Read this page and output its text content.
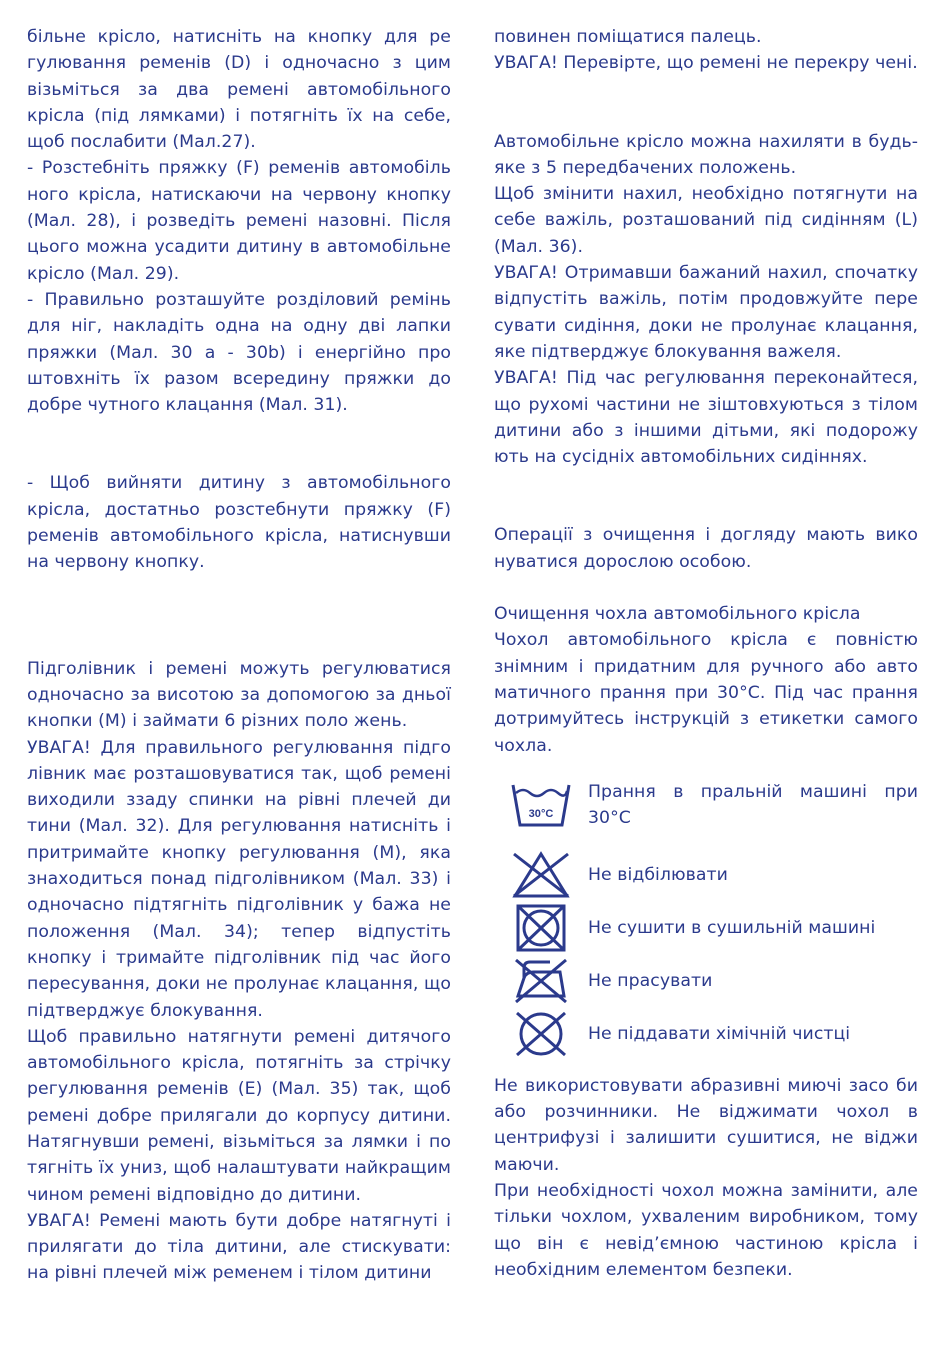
більне крісло, натисніть на кнопку для ре гулювання ременів (D) і одночасно з цим візьміться за два ремені автомобільного крісла (під лямками) і потягніть їх на себе, щоб послабити (Мал.27).

- Розстебніть пряжку (F) ременів автомобіль ного крісла, натискаючи на червону кнопку (Мал. 28), і розведіть ремені назовні. Після цього можна усадити дитину в автомобільне крісло (Мал. 29).

- Правильно розташуйте розділовий ремінь для ніг, накладіть одна на одну дві лапки пряжки (Мал. 30 a - 30b) і енергійно про штовхніть їх разом всередину пряжки до добре чутного клацання (Мал. 31).

- Щоб вийняти дитину з автомобільного крісла, достатньо розстебнути пряжку (F) ременів автомобільного крісла, натиснувши на червону кнопку.

Підголівник і ремені можуть регулюватися одночасно за висотою за допомогою за дньої кнопки (M) і займати 6 різних поло жень.

УВАГА! Для правильного регулювання підго лівник має розташовуватися так, щоб ремені виходили ззаду спинки на рівні плечей ди тини (Мал. 32). Для регулювання натисніть і притримайте кнопку регулювання (M), яка знаходиться понад підголівником (Мал. 33) і одночасно підтягніть підголівник у бажа не положення (Мал. 34); тепер відпустіть кнопку і тримайте підголівник під час його пересування, доки не пролунає клацання, що підтверджує блокування.

Щоб правильно натягнути ремені дитячого автомобільного крісла, потягніть за стрічку регулювання ременів (E) (Мал. 35) так, щоб ремені добре прилягали до корпусу дитини. Натягнувши ремені, візьміться за лямки і по тягніть їх униз, щоб налаштувати найкращим чином ремені відповідно до дитини.

УВАГА! Ремені мають бути добре натягнуті і прилягати до тіла дитини, але стискувати: на рівні плечей між ременем і тілом дитини

повинен поміщатися палець.

УВАГА! Перевірте, що ремені не перекру чені.

Автомобільне крісло можна нахиляти в будь-яке з 5 передбачених положень.

Щоб змінити нахил, необхідно потягнути на себе важіль, розташований під сидінням (L) (Мал. 36).

УВАГА! Отримавши бажаний нахил, спочатку відпустіть важіль, потім продовжуйте пере сувати сидіння, доки не пролунає клацання, яке підтверджує блокування важеля.

УВАГА! Під час регулювання переконайтеся, що рухомі частини не зіштовхуються з тілом дитини або з іншими дітьми, які подорожу ють на сусідніх автомобільних сидіннях.

Операції з очищення і догляду мають вико нуватися дорослою особою.

Очищення чохла автомобільного крісла

Чохол автомобільного крісла є повністю знімним і придатним для ручного або авто матичного прання при 30°C. Під час прання дотримуйтесь інструкцій з етикетки самого чохла.

30°C
Прання в пральній машині при 30°C
Не відбілювати
Не сушити в сушильній машині
Не прасувати
Не піддавати хімічній чистці

Не використовувати абразивні миючі засо би або розчинники. Не віджимати чохол в центрифузі і залишити сушитися, не віджи маючи.

При необхідності чохол можна замінити, але тільки чохлом, ухваленим виробником, тому що він є невід’ємною частиною крісла і необхідним елементом безпеки.
